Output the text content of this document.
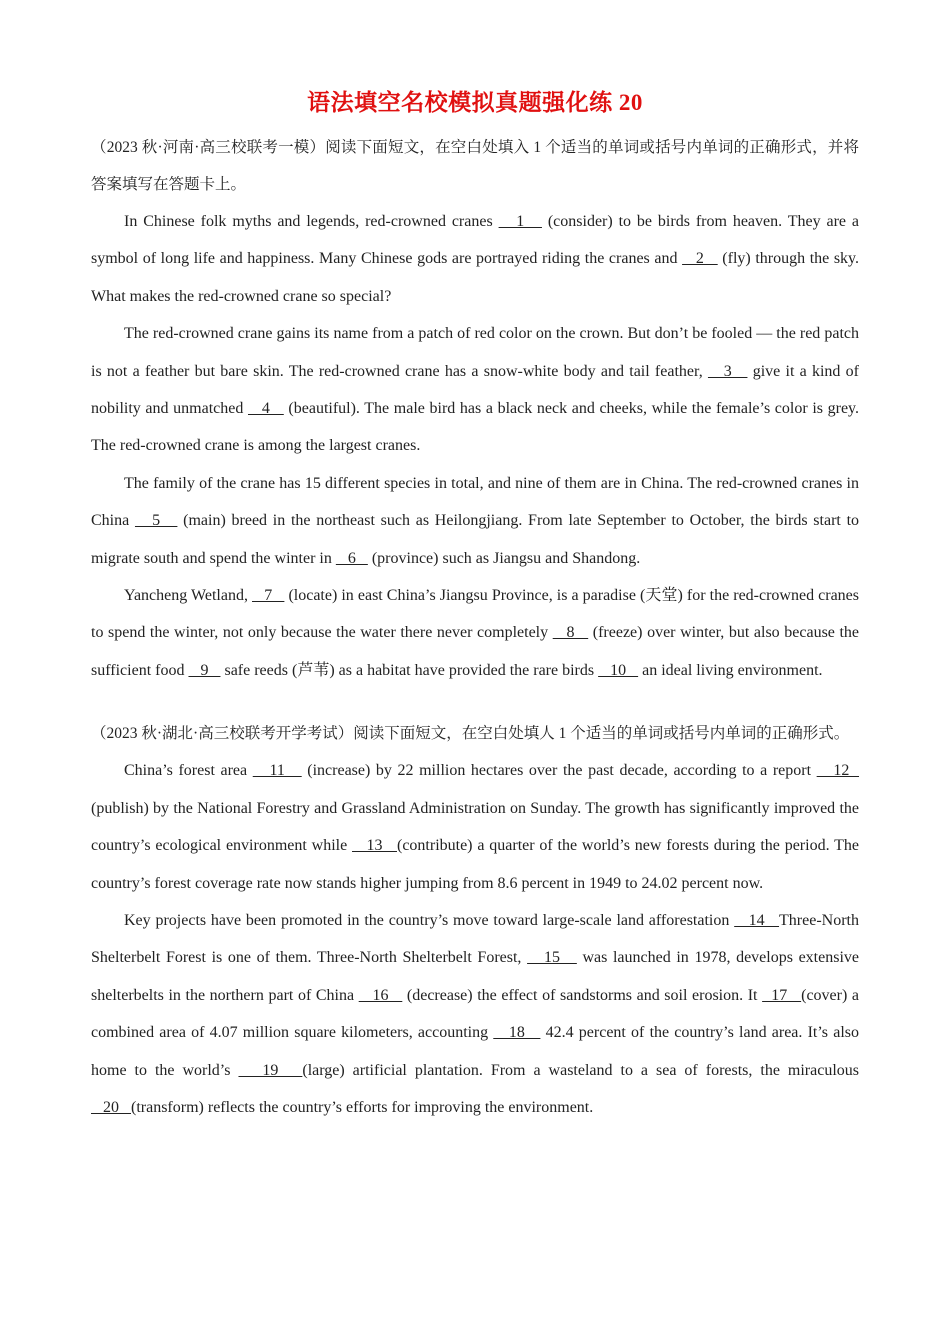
语法填空名校模拟真题强化练 20

（2023 秋·河南·高三校联考一模）阅读下面短文，在空白处填入 1 个适当的单词或括号内单词的正确形式，并将答案填写在答题卡上。

In Chinese folk myths and legends, red-crowned cranes    1    (consider) to be birds from heaven. They are a symbol of long life and happiness. Many Chinese gods are portrayed riding the cranes and    2    (fly) through the sky. What makes the red-crowned crane so special?

The red-crowned crane gains its name from a patch of red color on the crown. But don’t be fooled — the red patch is not a feather but bare skin. The red-crowned crane has a snow-white body and tail feather,    3    give it a kind of nobility and unmatched    4    (beautiful). The male bird has a black neck and cheeks, while the female’s color is grey. The red-crowned crane is among the largest cranes.

The family of the crane has 15 different species in total, and nine of them are in China. The red-crowned cranes in China    5    (main) breed in the northeast such as Heilongjiang. From late September to October, the birds start to migrate south and spend the winter in    6    (province) such as Jiangsu and Shandong.

Yancheng Wetland,    7    (locate) in east China’s Jiangsu Province, is a paradise (天堂) for the red-crowned cranes to spend the winter, not only because the water there never completely    8    (freeze) over winter, but also because the sufficient food    9    safe reeds (芦苇) as a habitat have provided the rare birds    10    an ideal living environment.

（2023 秋·湖北·高三校联考开学考试）阅读下面短文，在空白处填人 1 个适当的单词或括号内单词的正确形式。

China’s forest area    11    (increase) by 22 million hectares over the past decade, according to a report    12   (publish) by the National Forestry and Grassland Administration on Sunday. The growth has significantly improved the country’s ecological environment while    13   (contribute) a quarter of the world’s new forests during the period. The country’s forest coverage rate now stands higher jumping from 8.6 percent in 1949 to 24.02 percent now.

Key projects have been promoted in the country’s move toward large-scale land afforestation    14   Three-North Shelterbelt Forest is one of them. Three-North Shelterbelt Forest,    15    was launched in 1978, develops extensive shelterbelts in the northern part of China    16    (decrease) the effect of sandstorms and soil erosion. It   17   (cover) a combined area of 4.07 million square kilometers, accounting    18    42.4 percent of the country’s land area. It’s also home to the world’s    19   (large) artificial plantation. From a wasteland to a sea of forests, the miraculous    20   (transform) reflects the country’s efforts for improving the environment.
